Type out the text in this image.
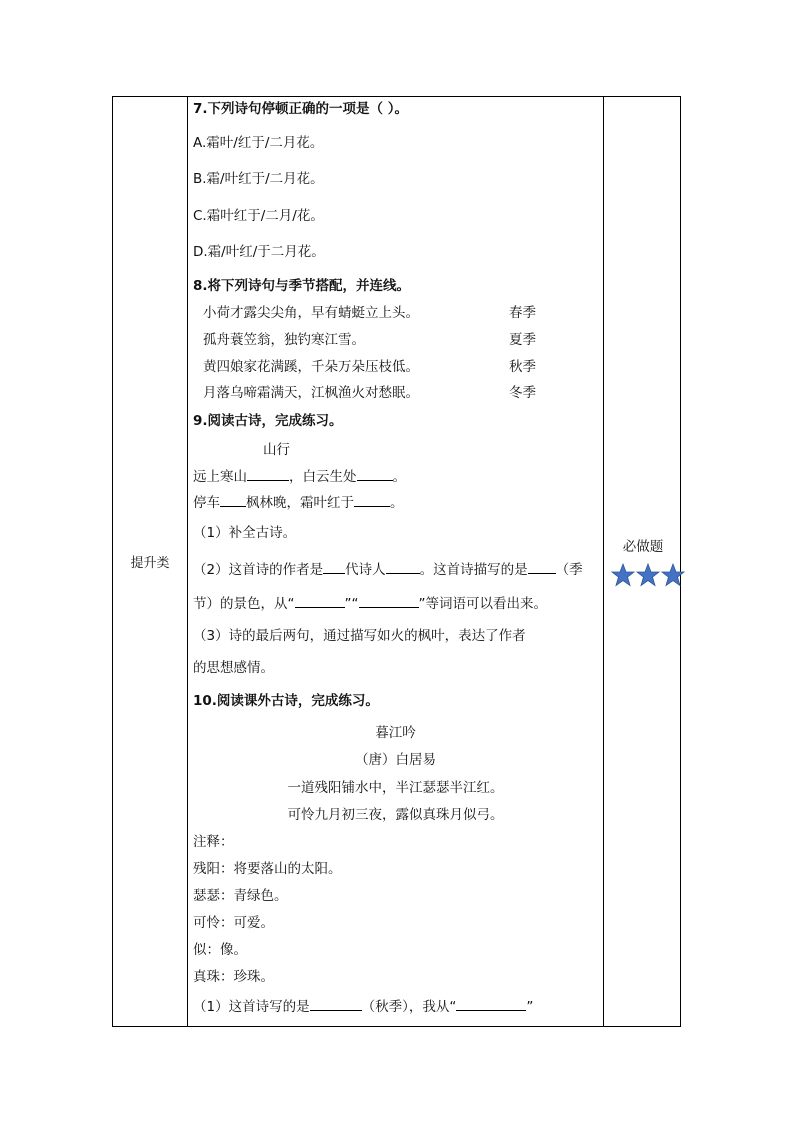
提升类
7.下列诗句停顿正确的一项是（ ）。
A.霜叶/红于/二月花。
B.霜/叶红于/二月花。
C.霜叶红于/二月/花。
D.霜/叶红/于二月花。
8.将下列诗句与季节搭配，并连线。
小荷才露尖尖角，早有蜻蜓立上头。	春季
孤舟蓑笠翁，独钓寒江雪。	夏季
黄四娘家花满蹊，千朵万朵压枝低。	秋季
月落乌啼霜满天，江枫渔火对愁眠。	冬季
9.阅读古诗，完成练习。
山行
远上寒山	，白云生处	。
停车 枫林晚，霜叶红于	。
（1）补全古诗。
（2）这首诗的作者是 代诗人	。这首诗描写的是 （季
节）的景色，从“	”“	”等词语可以看出来。
（3）诗的最后两句，通过描写如火的枫叶，表达了作者
的思想感情。
10.阅读课外古诗，完成练习。
暮江吟
（唐）白居易
一道残阳铺水中，半江瑟瑟半江红。
可怜九月初三夜，露似真珠月似弓。
注释：
残阳：将要落山的太阳。
瑟瑟：青绿色。
可怜：可爱。
似：像。
真珠：珍珠。
（1）这首诗写的是	（秋季），我从“	”
必做题
